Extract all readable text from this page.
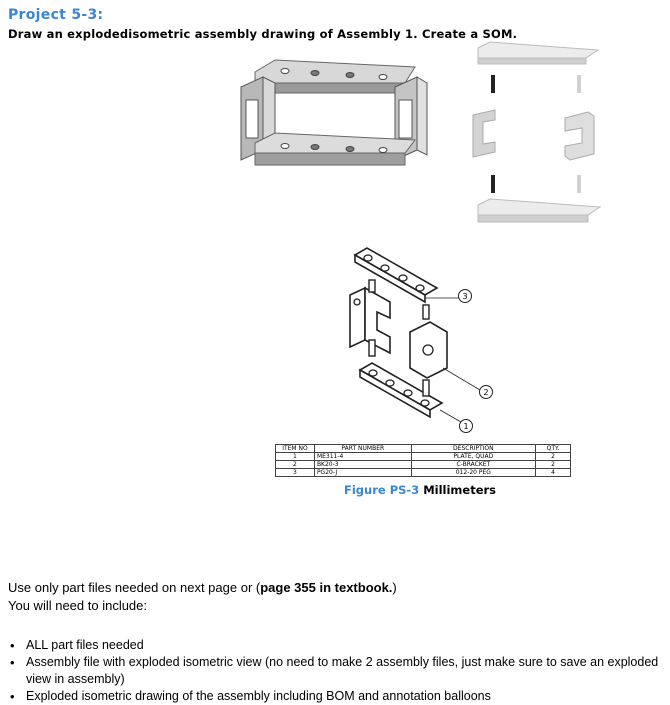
Project 5-3:
Draw an explodedisometric assembly drawing of Assembly 1. Create a SOM.
3
2
1
ITEM NO	PART NUMBER	DESCRIPTION	QTY.
1	ME311-4	PLATE, QUAD	2
2	BK20-3	C-BRACKET	2
3	PG20-J	012-20 PEG	4
Figure PS-3 Millimeters
Use only part files needed on next page or (page 355 in textbook.)
You will need to include:
• ALL part files needed
• Assembly file with exploded isometric view (no need to make 2 assembly files, just make sure to save an exploded view in assembly)
• Exploded isometric drawing of the assembly including BOM and annotation balloons
